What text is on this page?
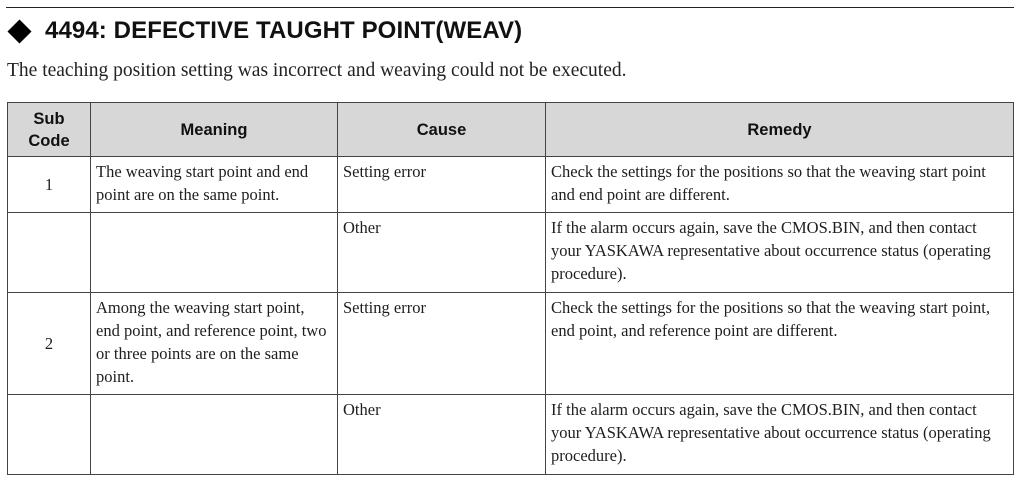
4494: DEFECTIVE TAUGHT POINT(WEAV)
The teaching position setting was incorrect and weaving could not be executed.
Sub
Code	Meaning	Cause	Remedy
1	The weaving start point and end point are on the same point.	Setting error	Check the settings for the positions so that the weaving start point and end point are different.
		Other	If the alarm occurs again, save the CMOS.BIN, and then contact your YASKAWA representative about occurrence status (operating procedure).
2	Among the weaving start point, end point, and reference point, two or three points are on the same point.	Setting error	Check the settings for the positions so that the weaving start point, end point, and reference point are different.
		Other	If the alarm occurs again, save the CMOS.BIN, and then contact your YASKAWA representative about occurrence status (operating procedure).
